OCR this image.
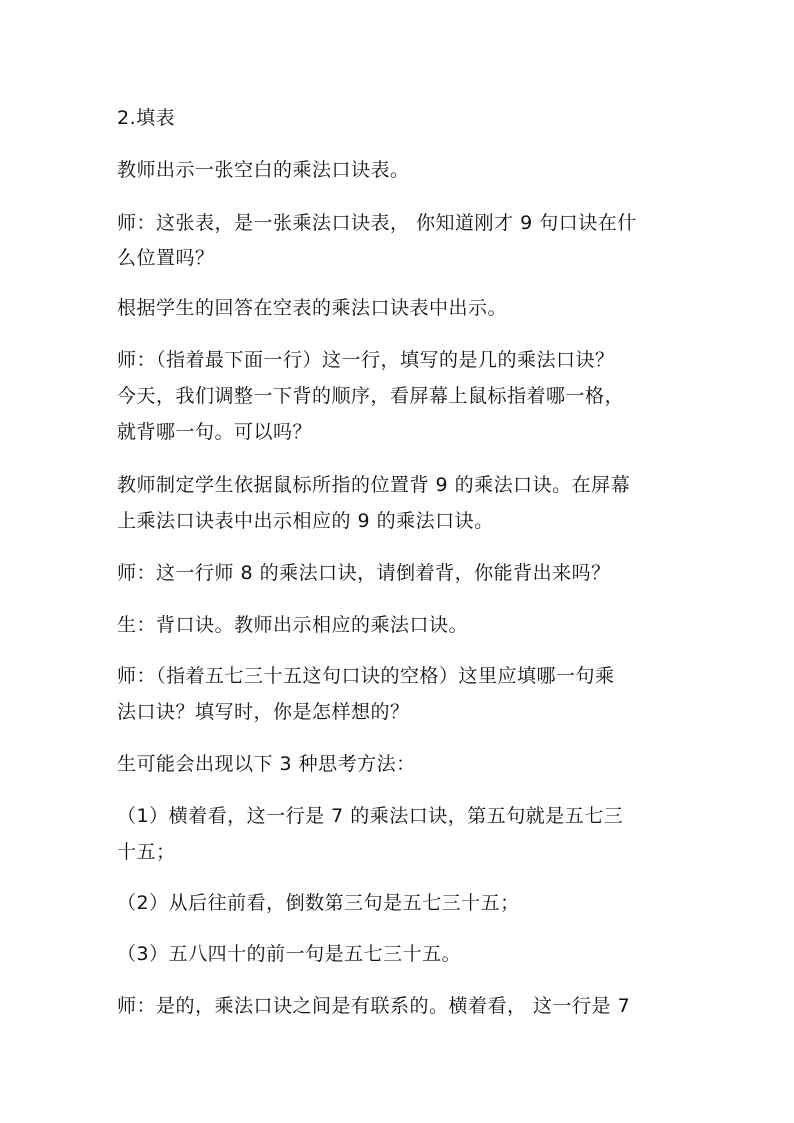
2.填表
教师出示一张空白的乘法口诀表。
师：这张表，是一张乘法口诀表， 你知道刚才 9 句口诀在什
么位置吗？
根据学生的回答在空表的乘法口诀表中出示。
师：（指着最下面一行）这一行，填写的是几的乘法口诀？
今天，我们调整一下背的顺序，看屏幕上鼠标指着哪一格，
就背哪一句。可以吗？
教师制定学生依据鼠标所指的位置背 9 的乘法口诀。在屏幕
上乘法口诀表中出示相应的 9 的乘法口诀。
师：这一行师 8 的乘法口诀，请倒着背，你能背出来吗？
生：背口诀。教师出示相应的乘法口诀。
师：（指着五七三十五这句口诀的空格）这里应填哪一句乘
法口诀？填写时，你是怎样想的？
生可能会出现以下 3 种思考方法：
（1）横着看，这一行是 7 的乘法口诀，第五句就是五七三
十五；
（2）从后往前看，倒数第三句是五七三十五；
（3）五八四十的前一句是五七三十五。
师：是的，乘法口诀之间是有联系的。横着看， 这一行是 7
